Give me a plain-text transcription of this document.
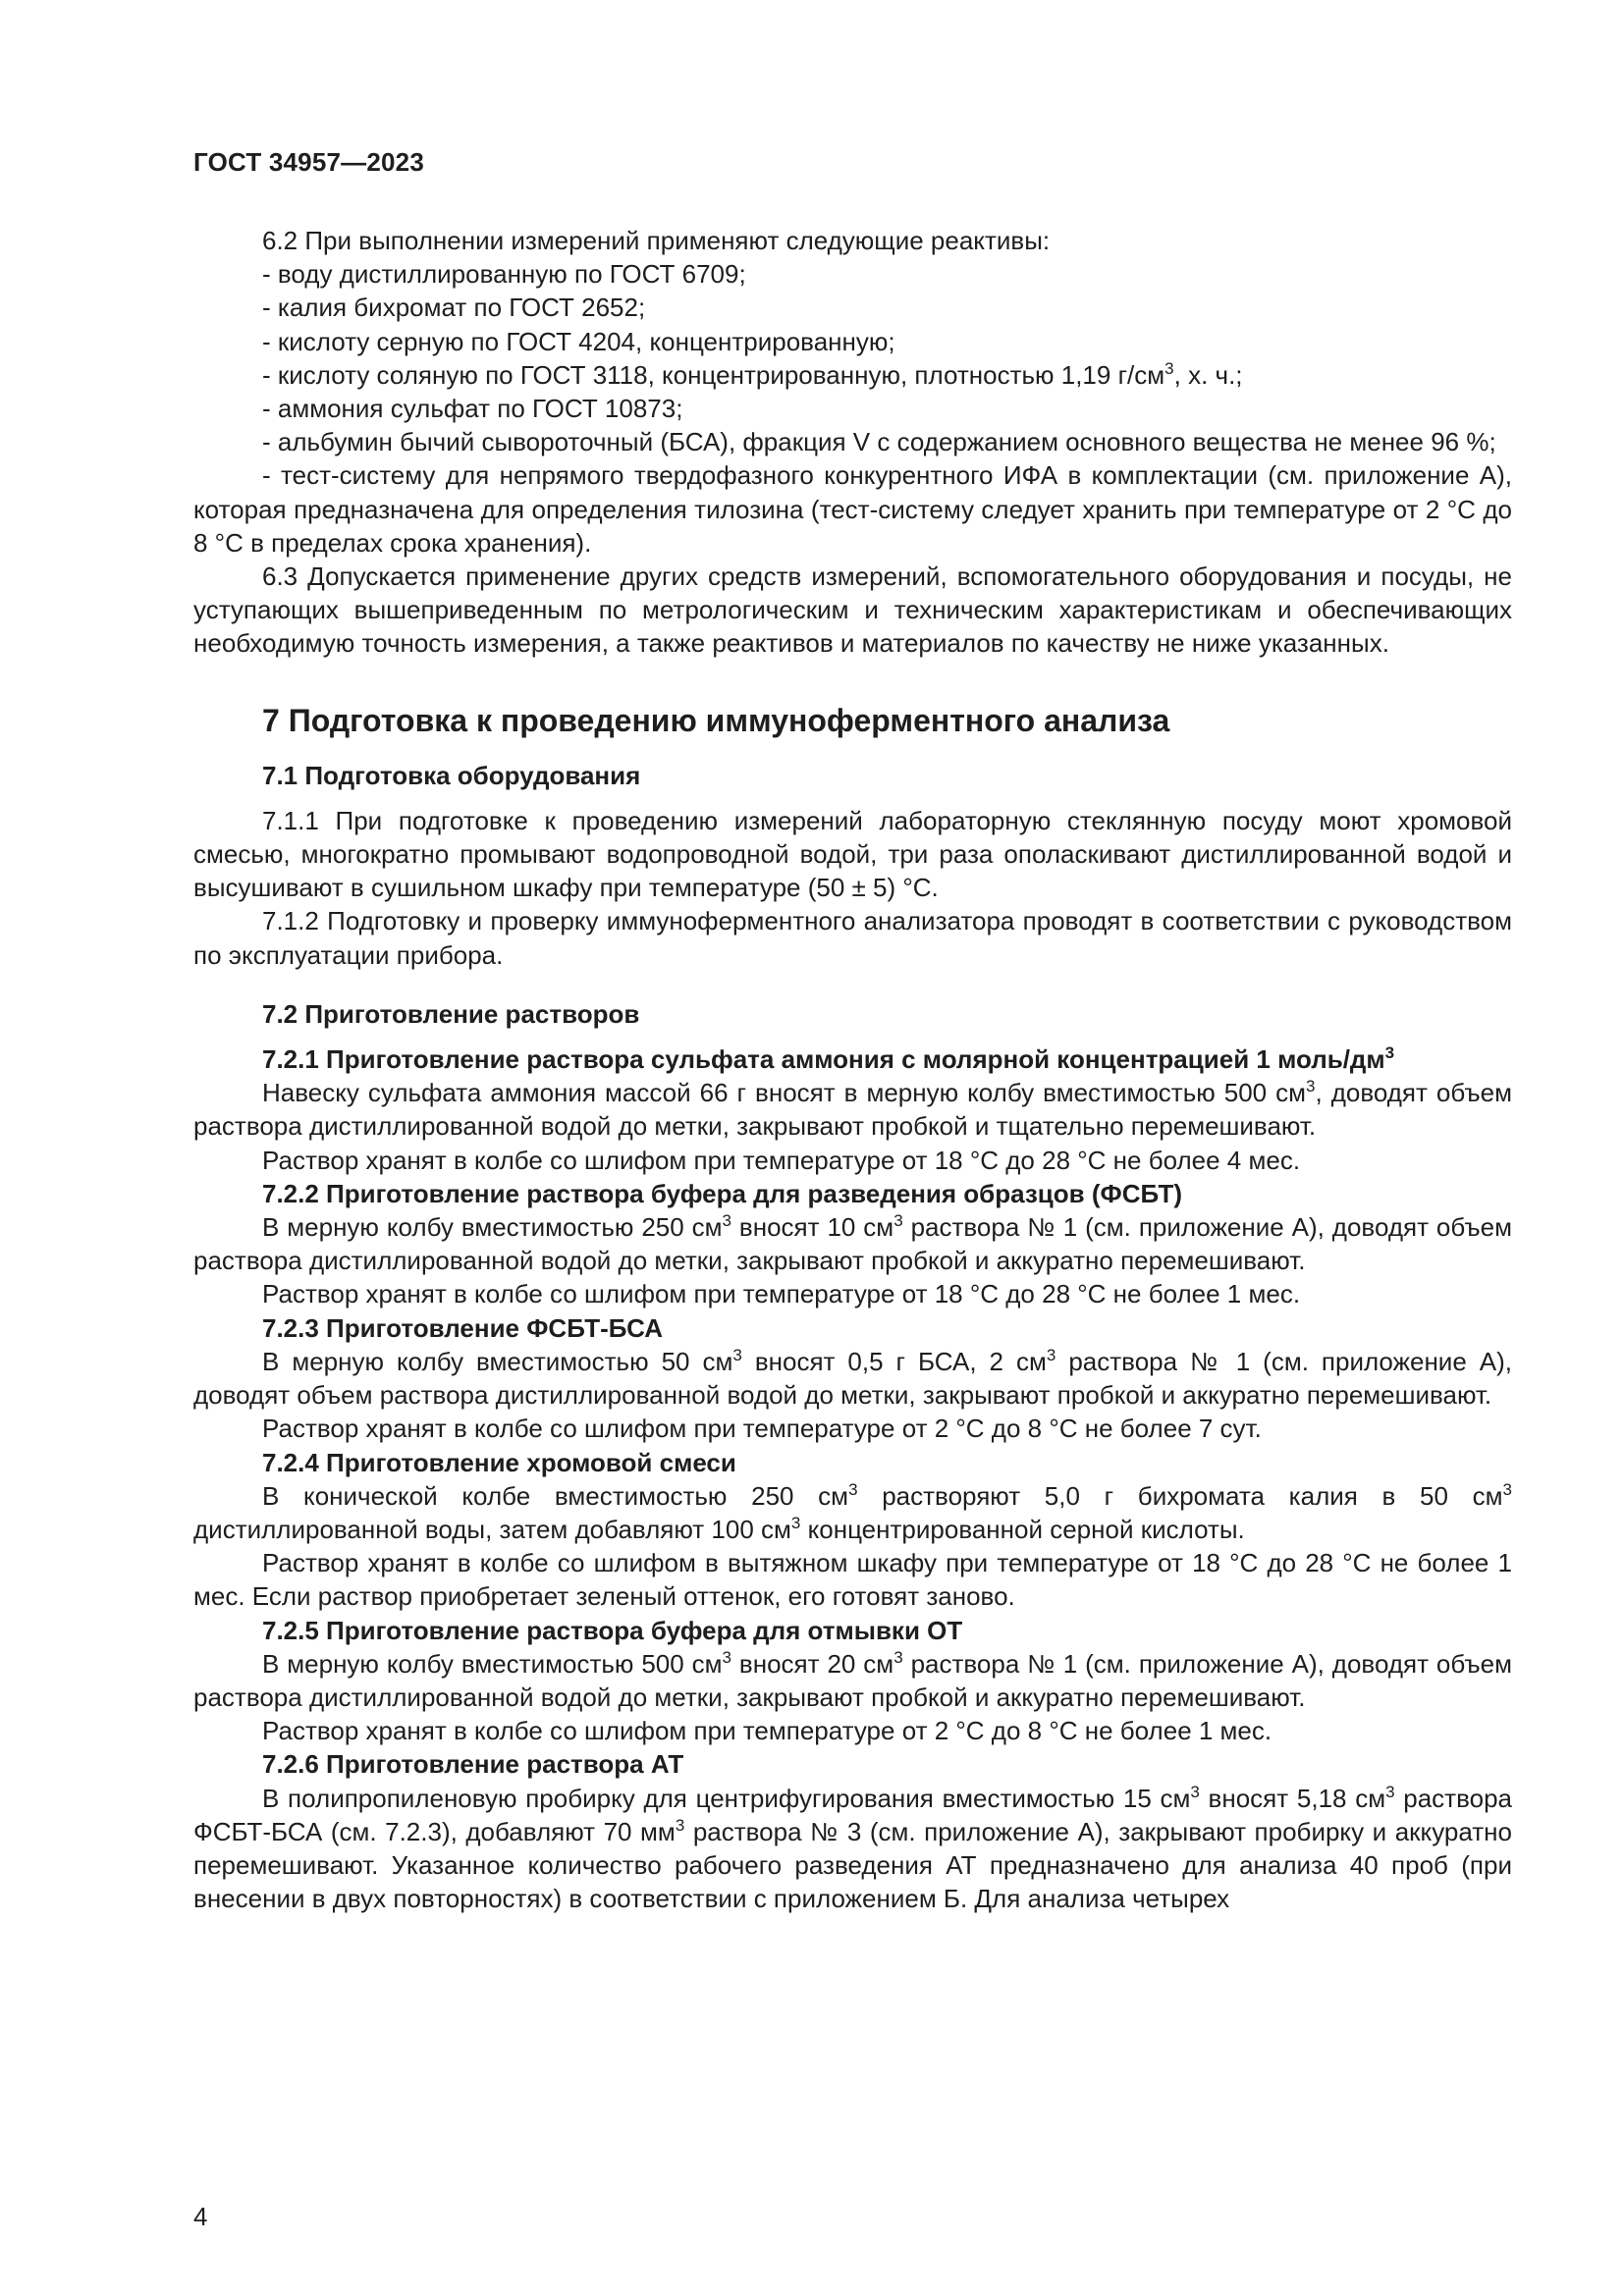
ГОСТ 34957—2023

6.2 При выполнении измерений применяют следующие реактивы:

- воду дистиллированную по ГОСТ 6709;

- калия бихромат по ГОСТ 2652;

- кислоту серную по ГОСТ 4204, концентрированную;

- кислоту соляную по ГОСТ 3118, концентрированную, плотностью 1,19 $г/см^3$, х. ч.;

- аммония сульфат по ГОСТ 10873;

- альбумин бычий сывороточный (БСА), фракция V с содержанием основного вещества не менее 96 %;

- тест-систему для непрямого твердофазного конкурентного ИФА в комплектации (см. приложение А), которая предназначена для определения тилозина (тест-систему следует хранить при температуре от 2 °С до 8 °С в пределах срока хранения).

6.3 Допускается применение других средств измерений, вспомогательного оборудования и посуды, не уступающих вышеприведенным по метрологическим и техническим характеристикам и обеспечивающих необходимую точность измерения, а также реактивов и материалов по качеству не ниже указанных.

7 Подготовка к проведению иммуноферментного анализа

7.1 Подготовка оборудования

7.1.1 При подготовке к проведению измерений лабораторную стеклянную посуду моют хромовой смесью, многократно промывают водопроводной водой, три раза ополаскивают дистиллированной водой и высушивают в сушильном шкафу при температуре (50 ± 5) °С.

7.1.2 Подготовку и проверку иммуноферментного анализатора проводят в соответствии с руководством по эксплуатации прибора.

7.2 Приготовление растворов

7.2.1 Приготовление раствора сульфата аммония с молярной концентрацией 1 моль/$дм^3$

Навеску сульфата аммония массой 66 г вносят в мерную колбу вместимостью 500 $см^3$, доводят объем раствора дистиллированной водой до метки, закрывают пробкой и тщательно перемешивают.

Раствор хранят в колбе со шлифом при температуре от 18 °С до 28 °С не более 4 мес.

7.2.2 Приготовление раствора буфера для разведения образцов (ФСБТ)

В мерную колбу вместимостью 250 $см^3$ вносят 10 $см^3$ раствора № 1 (см. приложение А), доводят объем раствора дистиллированной водой до метки, закрывают пробкой и аккуратно перемешивают.

Раствор хранят в колбе со шлифом при температуре от 18 °С до 28 °С не более 1 мес.

7.2.3 Приготовление ФСБТ-БСА

В мерную колбу вместимостью 50 $см^3$ вносят 0,5 г БСА, 2 $см^3$ раствора № 1 (см. приложение А), доводят объем раствора дистиллированной водой до метки, закрывают пробкой и аккуратно перемешивают.

Раствор хранят в колбе со шлифом при температуре от 2 °С до 8 °С не более 7 сут.

7.2.4 Приготовление хромовой смеси

В конической колбе вместимостью 250 $см^3$ растворяют 5,0 г бихромата калия в 50 $см^3$ дистиллированной воды, затем добавляют 100 $см^3$ концентрированной серной кислоты.

Раствор хранят в колбе со шлифом в вытяжном шкафу при температуре от 18 °С до 28 °С не более 1 мес. Если раствор приобретает зеленый оттенок, его готовят заново.

7.2.5 Приготовление раствора буфера для отмывки ОТ

В мерную колбу вместимостью 500 $см^3$ вносят 20 $см^3$ раствора № 1 (см. приложение А), доводят объем раствора дистиллированной водой до метки, закрывают пробкой и аккуратно перемешивают.

Раствор хранят в колбе со шлифом при температуре от 2 °С до 8 °С не более 1 мес.

7.2.6 Приготовление раствора АТ

В полипропиленовую пробирку для центрифугирования вместимостью 15 $см^3$ вносят 5,18 $см^3$ раствора ФСБТ-БСА (см. 7.2.3), добавляют 70 $мм^3$ раствора № 3 (см. приложение А), закрывают пробирку и аккуратно перемешивают. Указанное количество рабочего разведения АТ предназначено для анализа 40 проб (при внесении в двух повторностях) в соответствии с приложением Б. Для анализа четырех

4
